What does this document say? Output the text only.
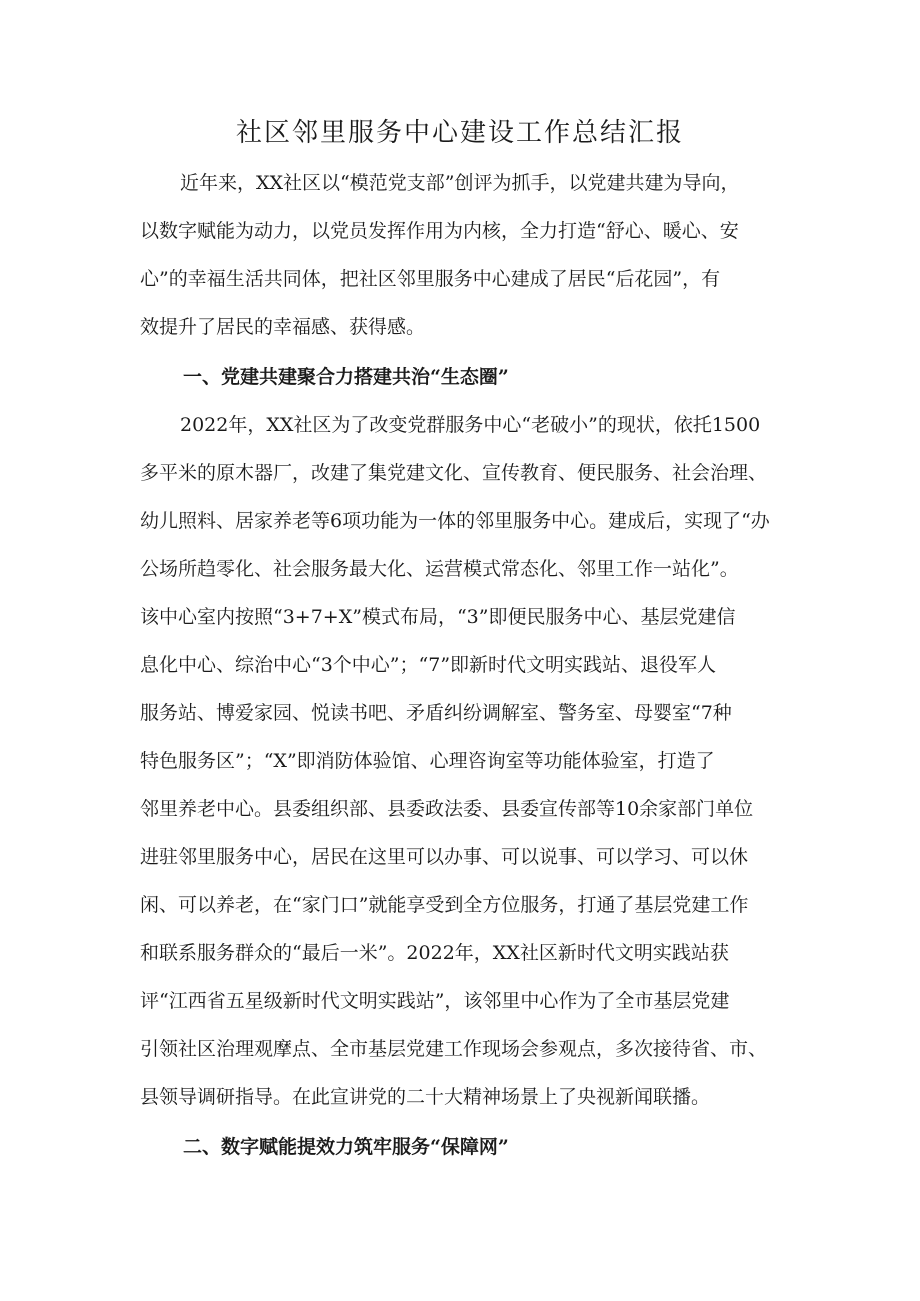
社区邻里服务中心建设工作总结汇报
近年来，XX社区以“模范党支部”创评为抓手，以党建共建为导向，
以数字赋能为动力，以党员发挥作用为内核，全力打造“舒心、暖心、安
心”的幸福生活共同体，把社区邻里服务中心建成了居民“后花园”，有
效提升了居民的幸福感、获得感。
一、党建共建聚合力搭建共治“生态圈”
2022年，XX社区为了改变党群服务中心“老破小”的现状，依托1500
多平米的原木器厂，改建了集党建文化、宣传教育、便民服务、社会治理、
幼儿照料、居家养老等6项功能为一体的邻里服务中心。建成后，实现了“办
公场所趋零化、社会服务最大化、运营模式常态化、邻里工作一站化”。
该中心室内按照“3+7+X”模式布局，“3”即便民服务中心、基层党建信
息化中心、综治中心“3个中心”；“7”即新时代文明实践站、退役军人
服务站、博爱家园、悦读书吧、矛盾纠纷调解室、警务室、母婴室“7种
特色服务区”；“X”即消防体验馆、心理咨询室等功能体验室，打造了
邻里养老中心。县委组织部、县委政法委、县委宣传部等10余家部门单位
进驻邻里服务中心，居民在这里可以办事、可以说事、可以学习、可以休
闲、可以养老，在“家门口”就能享受到全方位服务，打通了基层党建工作
和联系服务群众的“最后一米”。2022年，XX社区新时代文明实践站获
评“江西省五星级新时代文明实践站”，该邻里中心作为了全市基层党建
引领社区治理观摩点、全市基层党建工作现场会参观点，多次接待省、市、
县领导调研指导。在此宣讲党的二十大精神场景上了央视新闻联播。
二、数字赋能提效力筑牢服务“保障网”
